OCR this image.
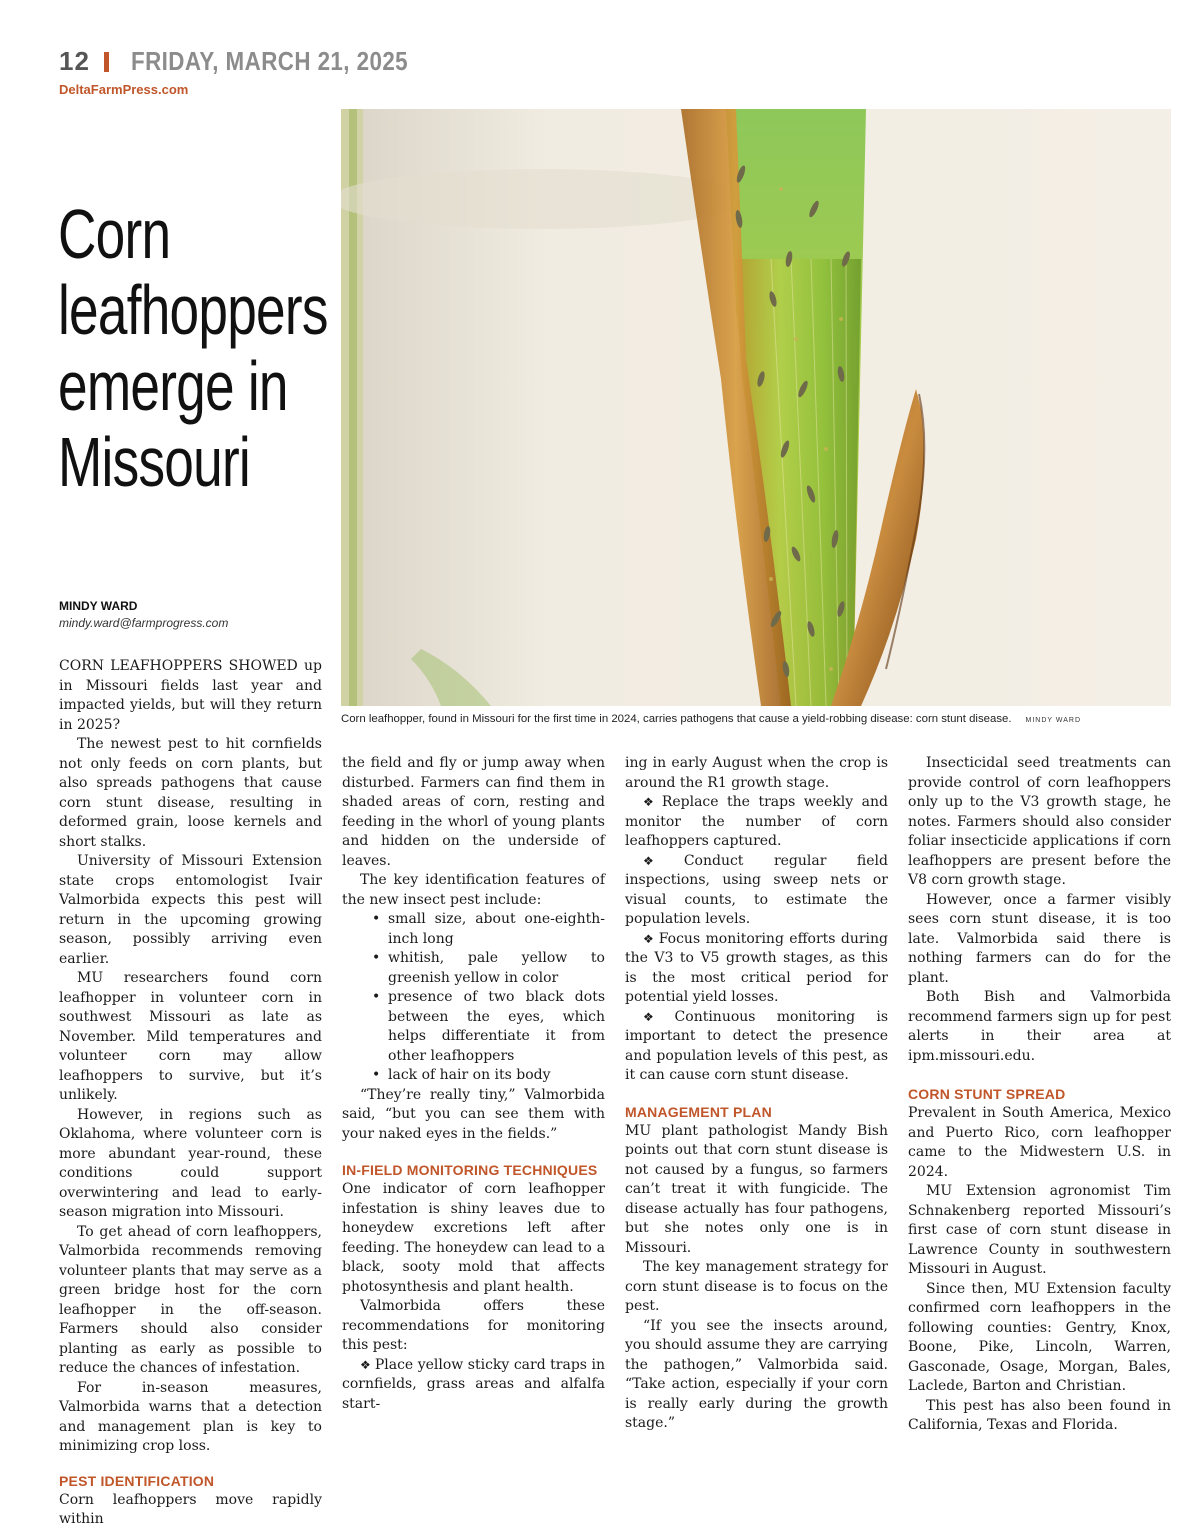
12 FRIDAY, MARCH 21, 2025
DeltaFarmPress.com
Corn
leafhoppers
emerge in
Missouri
Corn leafhopper, found in Missouri for the first time in 2024, carries pathogens that cause a yield-robbing disease: corn stunt disease. MINDY WARD
MINDY WARD
mindy.ward@farmprogress.com

CORN LEAFHOPPERS SHOWED up in Missouri fields last year and impacted yields, but will they return in 2025?

The newest pest to hit cornfields not only feeds on corn plants, but also spreads pathogens that cause corn stunt disease, resulting in deformed grain, loose kernels and short stalks.

University of Missouri Extension state crops entomologist Ivair Valmorbida expects this pest will return in the upcoming growing season, possibly arriving even earlier.

MU researchers found corn leafhopper in volunteer corn in southwest Missouri as late as November. Mild temperatures and volunteer corn may allow leafhoppers to survive, but it’s unlikely.

However, in regions such as Oklahoma, where volunteer corn is more abundant year-round, these conditions could support overwintering and lead to early-season migration into Missouri.

To get ahead of corn leafhoppers, Valmorbida recommends removing volunteer plants that may serve as a green bridge host for the corn leafhopper in the off-season. Farmers should also consider planting as early as possible to reduce the chances of infestation.

For in-season measures, Valmorbida warns that a detection and management plan is key to minimizing crop loss.

PEST IDENTIFICATION

Corn leafhoppers move rapidly within

the field and fly or jump away when disturbed. Farmers can find them in shaded areas of corn, resting and feeding in the whorl of young plants and hidden on the underside of leaves.

The key identification features of the new insect pest include:

• small size, about one-eighth-inch long
• whitish, pale yellow to greenish yellow in color
• presence of two black dots between the eyes, which helps differentiate it from other leafhoppers
• lack of hair on its body

“They’re really tiny,” Valmorbida said, “but you can see them with your naked eyes in the fields.”

IN-FIELD MONITORING TECHNIQUES

One indicator of corn leafhopper infestation is shiny leaves due to honeydew excretions left after feeding. The honeydew can lead to a black, sooty mold that affects photosynthesis and plant health.

Valmorbida offers these recommendations for monitoring this pest:

❖ Place yellow sticky card traps in cornfields, grass areas and alfalfa start-

ing in early August when the crop is around the R1 growth stage.

❖ Replace the traps weekly and monitor the number of corn leafhoppers captured.

❖ Conduct regular field inspections, using sweep nets or visual counts, to estimate the population levels.

❖ Focus monitoring efforts during the V3 to V5 growth stages, as this is the most critical period for potential yield losses.

❖ Continuous monitoring is important to detect the presence and population levels of this pest, as it can cause corn stunt disease.

MANAGEMENT PLAN

MU plant pathologist Mandy Bish points out that corn stunt disease is not caused by a fungus, so farmers can’t treat it with fungicide. The disease actually has four pathogens, but she notes only one is in Missouri.

The key management strategy for corn stunt disease is to focus on the pest.

“If you see the insects around, you should assume they are carrying the pathogen,” Valmorbida said. “Take action, especially if your corn is really early during the growth stage.”

Insecticidal seed treatments can provide control of corn leafhoppers only up to the V3 growth stage, he notes. Farmers should also consider foliar insecticide applications if corn leafhoppers are present before the V8 corn growth stage.

However, once a farmer visibly sees corn stunt disease, it is too late. Valmorbida said there is nothing farmers can do for the plant.

Both Bish and Valmorbida recommend farmers sign up for pest alerts in their area at ipm.missouri.edu.

CORN STUNT SPREAD

Prevalent in South America, Mexico and Puerto Rico, corn leafhopper came to the Midwestern U.S. in 2024.

MU Extension agronomist Tim Schnakenberg reported Missouri’s first case of corn stunt disease in Lawrence County in southwestern Missouri in August.

Since then, MU Extension faculty confirmed corn leafhoppers in the following counties: Gentry, Knox, Boone, Pike, Lincoln, Warren, Gasconade, Osage, Morgan, Bales, Laclede, Barton and Christian.

This pest has also been found in California, Texas and Florida.
